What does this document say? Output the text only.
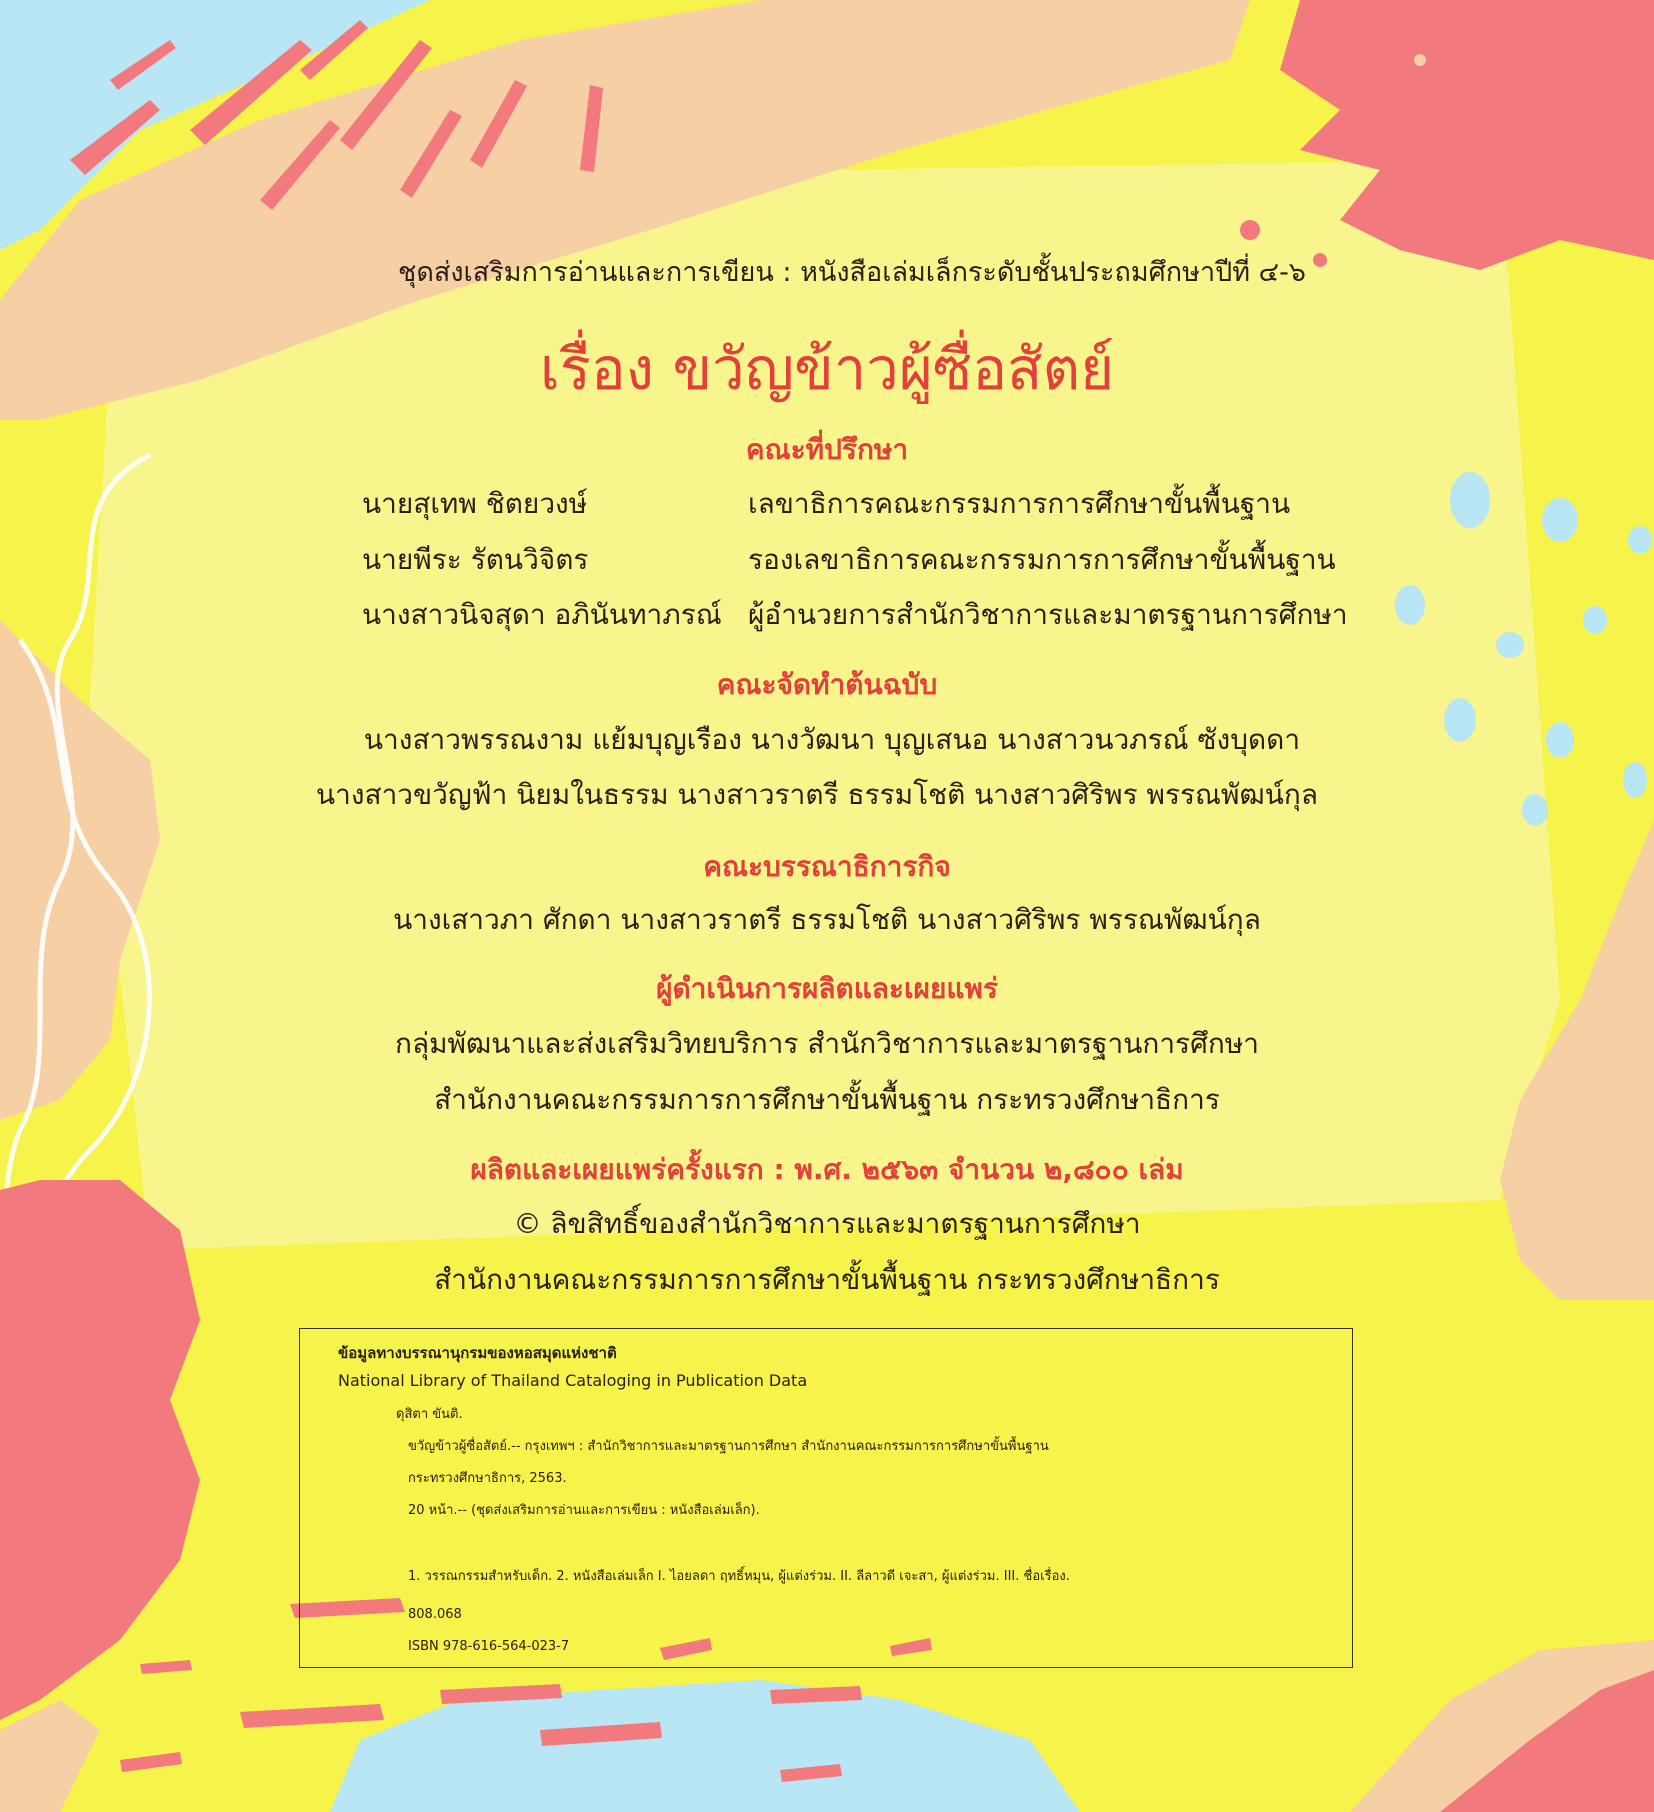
ชุดส่งเสริมการอ่านและการเขียน : หนังสือเล่มเล็กระดับชั้นประถมศึกษาปีที่ ๔-๖
เรื่อง ขวัญข้าวผู้ซื่อสัตย์
คณะที่ปรึกษา
นายสุเทพ ชิตยวงษ์	เลขาธิการคณะกรรมการการศึกษาขั้นพื้นฐาน
นายพีระ รัตนวิจิตร	รองเลขาธิการคณะกรรมการการศึกษาขั้นพื้นฐาน
นางสาวนิจสุดา อภินันทาภรณ์ ผู้อำนวยการสำนักวิชาการและมาตรฐานการศึกษา
คณะจัดทำต้นฉบับ
นางสาวพรรณงาม แย้มบุญเรือง นางวัฒนา บุญเสนอ นางสาวนวภรณ์ ซังบุดดา
นางสาวขวัญฟ้า นิยมในธรรม นางสาวราตรี ธรรมโชติ นางสาวศิริพร พรรณพัฒน์กุล
คณะบรรณาธิการกิจ
นางเสาวภา ศักดา นางสาวราตรี ธรรมโชติ นางสาวศิริพร พรรณพัฒน์กุล
ผู้ดำเนินการผลิตและเผยแพร่
กลุ่มพัฒนาและส่งเสริมวิทยบริการ สำนักวิชาการและมาตรฐานการศึกษา
สำนักงานคณะกรรมการการศึกษาขั้นพื้นฐาน กระทรวงศึกษาธิการ
ผลิตและเผยแพร่ครั้งแรก : พ.ศ. ๒๕๖๓ จำนวน ๒,๘๐๐ เล่ม
© ลิขสิทธิ์ของสำนักวิชาการและมาตรฐานการศึกษา
สำนักงานคณะกรรมการการศึกษาขั้นพื้นฐาน กระทรวงศึกษาธิการ
ข้อมูลทางบรรณานุกรมของหอสมุดแห่งชาติ
National Library of Thailand Cataloging in Publication Data
ดุสิตา ขันติ.
ขวัญข้าวผู้ซื่อสัตย์.-- กรุงเทพฯ : สำนักวิชาการและมาตรฐานการศึกษา สำนักงานคณะกรรมการการศึกษาขั้นพื้นฐาน
กระทรวงศึกษาธิการ, 2563.
20 หน้า.-- (ชุดส่งเสริมการอ่านและการเขียน : หนังสือเล่มเล็ก).
1. วรรณกรรมสำหรับเด็ก. 2. หนังสือเล่มเล็ก I. ไอยลดา ฤทธิ์หมุน, ผู้แต่งร่วม. II. ลีลาวดี เจะสา, ผู้แต่งร่วม. III. ชื่อเรื่อง.
808.068
ISBN 978-616-564-023-7
